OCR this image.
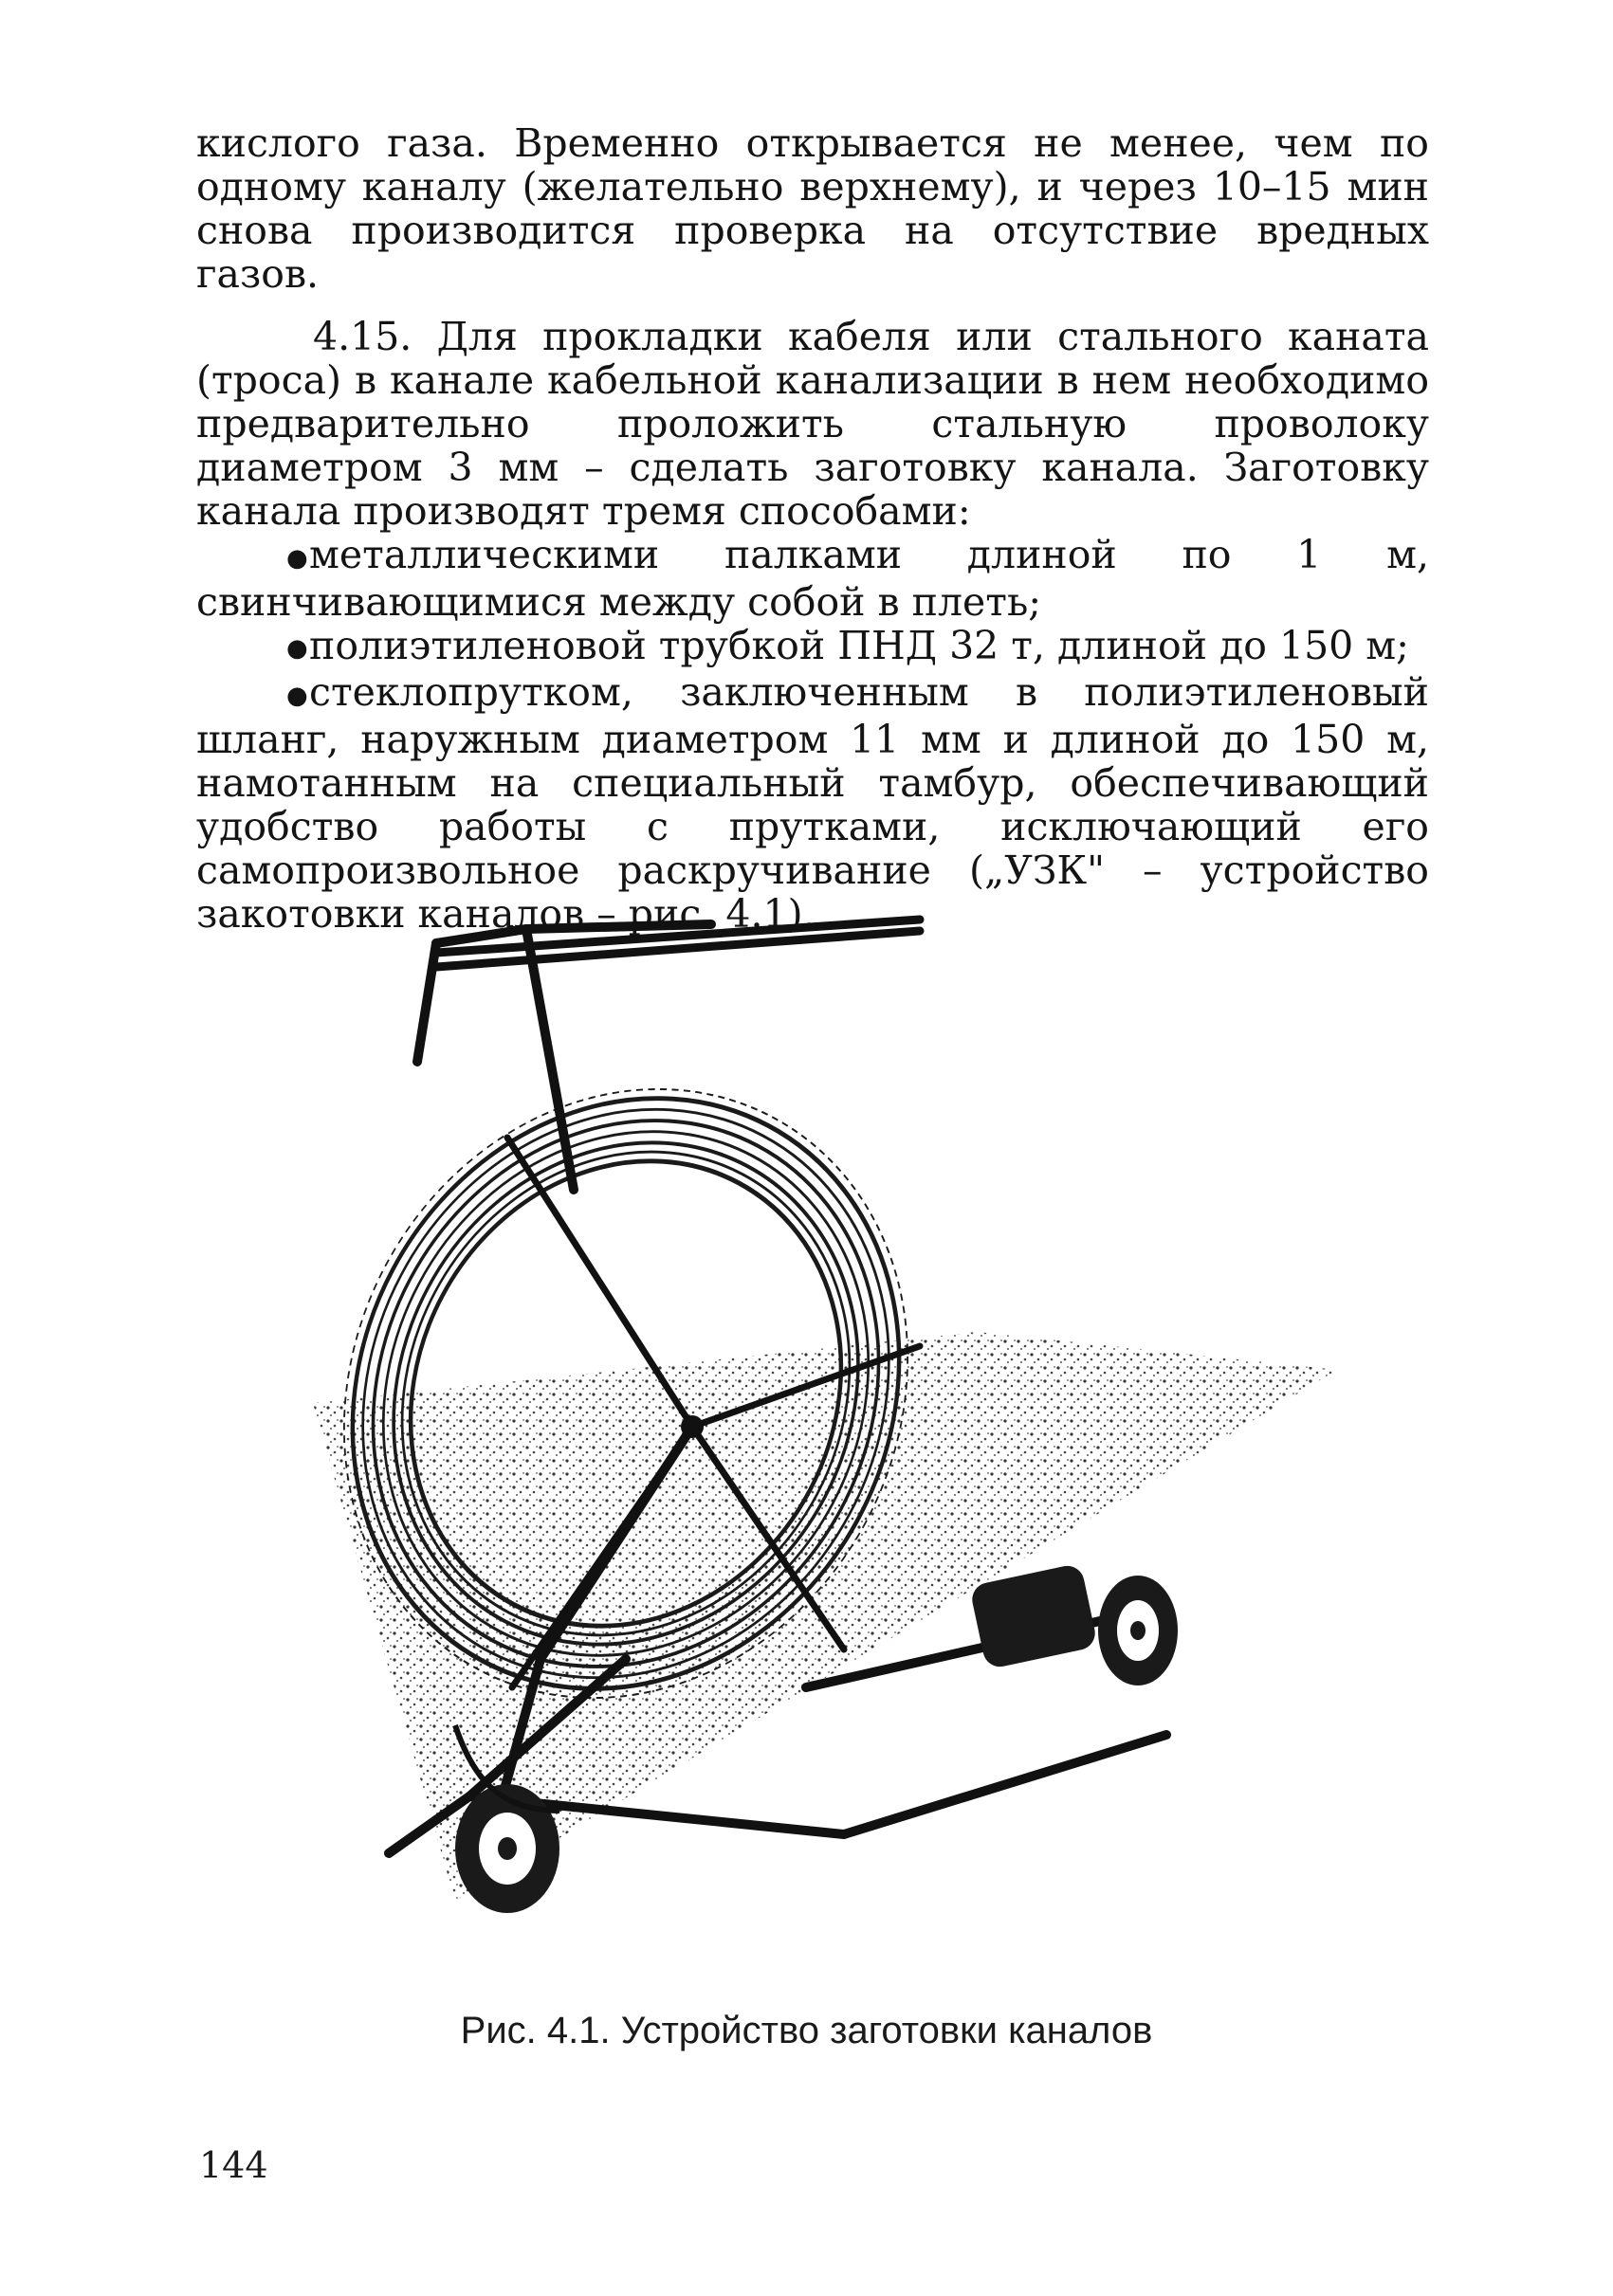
кислого газа. Временно открывается не менее, чем по одному каналу (желательно верхнему), и через 10–15 мин снова производится проверка на отсутствие вредных газов.

4.15. Для прокладки кабеля или стального каната (троса) в канале кабельной канализации в нем необходимо предварительно проложить стальную проволоку диаметром 3 мм – сделать заготовку канала. Заготовку канала производят тремя способами:

●металлическими палками длиной по 1 м, свинчивающимися между собой в плеть;

●полиэтиленовой трубкой ПНД 32 т, длиной до 150 м;

●стеклопрутком, заключенным в полиэтиленовый шланг, наружным диаметром 11 мм и длиной до 150 м, намотанным на специальный тамбур, обеспечивающий удобство работы с прутками, исключающий его самопроизвольное раскручивание („УЗК" – устройство закотовки каналов – рис. 4.1).

Рис. 4.1. Устройство заготовки каналов
144
